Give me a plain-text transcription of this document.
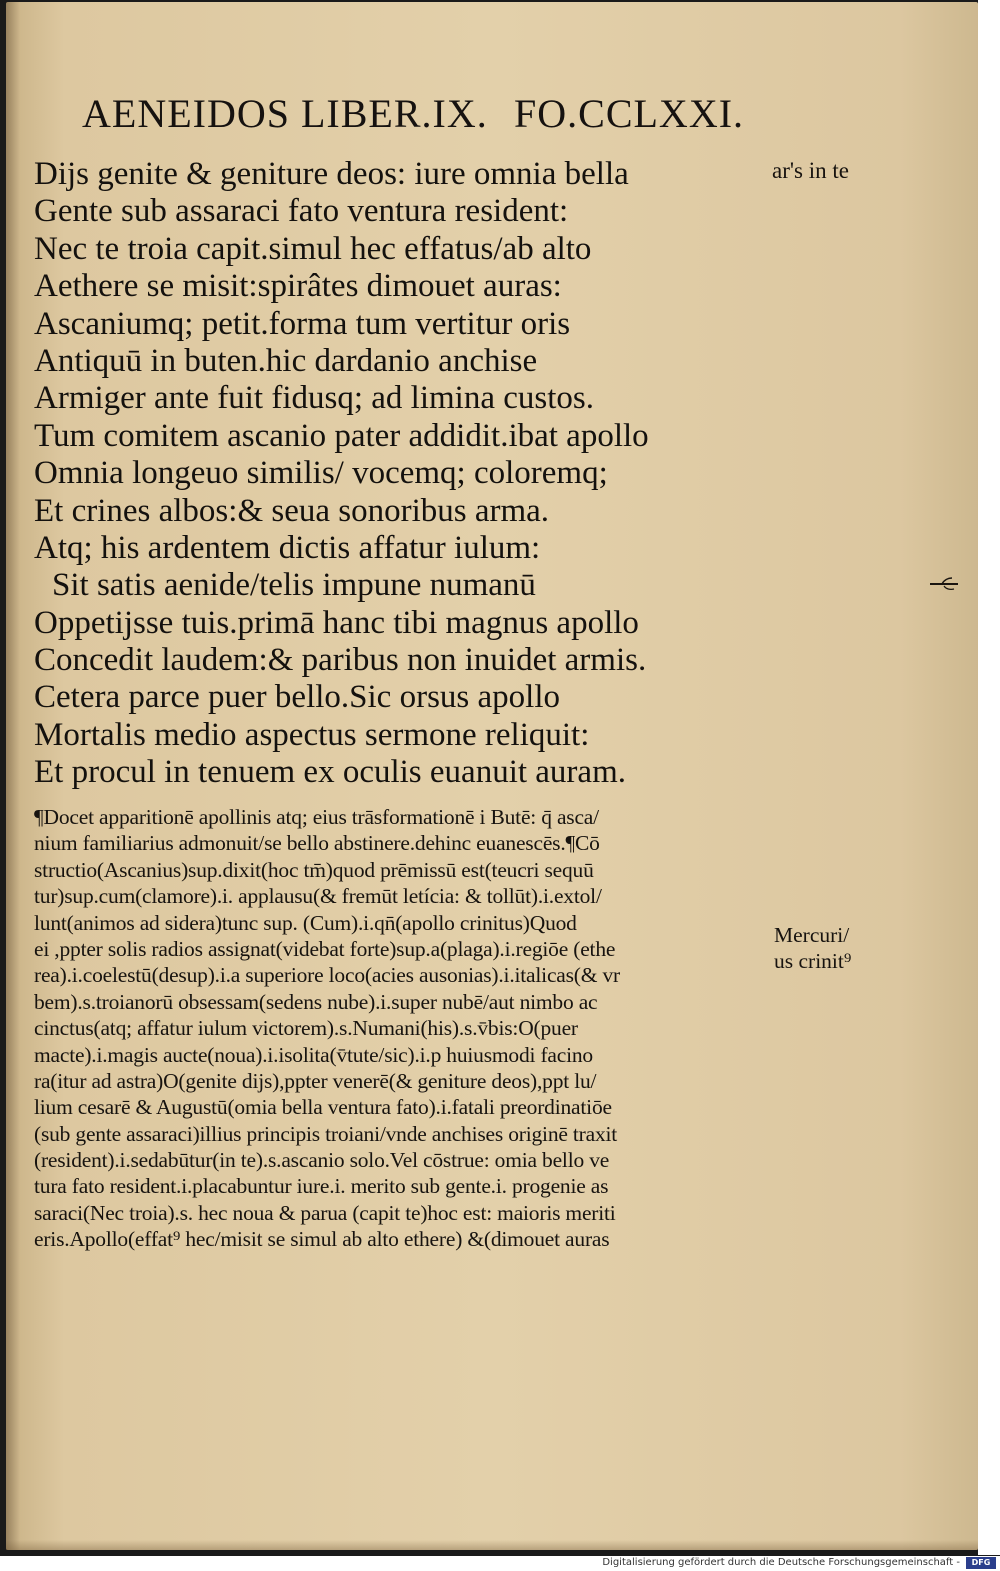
AENEIDOS LIBER.IX. FO.CCLXXI.
Dijs genite & geniture deos: iure omnia bella
Gente sub assaraci fato ventura resident:
Nec te troia capit.simul hec effatus/ab alto
Aethere se misit:spirâtes dimouet auras:
Ascaniumq; petit.forma tum vertitur oris
Antiquū in buten.hic dardanio anchise
Armiger ante fuit fidusq; ad limina custos.
Tum comitem ascanio pater addidit.ibat apollo
Omnia longeuo similis/ vocemq; coloremq;
Et crines albos:& seua sonoribus arma.
Atq; his ardentem dictis affatur iulum:
Sit satis aenide/telis impune numanū
Oppetijsse tuis.primā hanc tibi magnus apollo
Concedit laudem:& paribus non inuidet armis.
Cetera parce puer bello.Sic orsus apollo
Mortalis medio aspectus sermone reliquit:
Et procul in tenuem ex oculis euanuit auram.
¶Docet apparitionē apollinis atq; eius trāsformationē i Butē: q̄ asca/
nium familiarius admonuit/se bello abstinere.dehinc euanescēs.¶Cō
structio(Ascanius)sup.dixit(hoc tm̄)quod prēmissū est(teucri sequū
tur)sup.cum(clamore).i. applausu(& fremūt letícia: & tollūt).i.extol/
lunt(animos ad sidera)tunc sup. (Cum).i.qn̄(apollo crinitus)Quod
ei ,ppter solis radios assignat(videbat forte)sup.a(plaga).i.regiōe (ethe
rea).i.coelestū(desup).i.a superiore loco(acies ausonias).i.italicas(& vr
bem).s.troianorū obsessam(sedens nube).i.super nubē/aut nimbo ac
cinctus(atq; affatur iulum victorem).s.Numani(his).s.v̄bis:O(puer
macte).i.magis aucte(noua).i.isolita(v̄tute/sic).i.p huiusmodi facino
ra(itur ad astra)O(genite dijs),ppter venerē(& geniture deos),ppt lu/
lium cesarē & Augustū(omia bella ventura fato).i.fatali preordinatiōe
(sub gente assaraci)illius principis troiani/vnde anchises originē traxit
(resident).i.sedabūtur(in te).s.ascanio solo.Vel cōstrue: omia bello ve
tura fato resident.i.placabuntur iure.i. merito sub gente.i. progenie as
saraci(Nec troia).s. hec noua & parua (capit te)hoc est: maioris meriti
eris.Apollo(effat⁹ hec/misit se simul ab alto ethere) &(dimouet auras
ar's in te
Mercuri/
us crinit⁹
Digitalisierung gefördert durch die Deutsche Forschungsgemeinschaft -	DFG
